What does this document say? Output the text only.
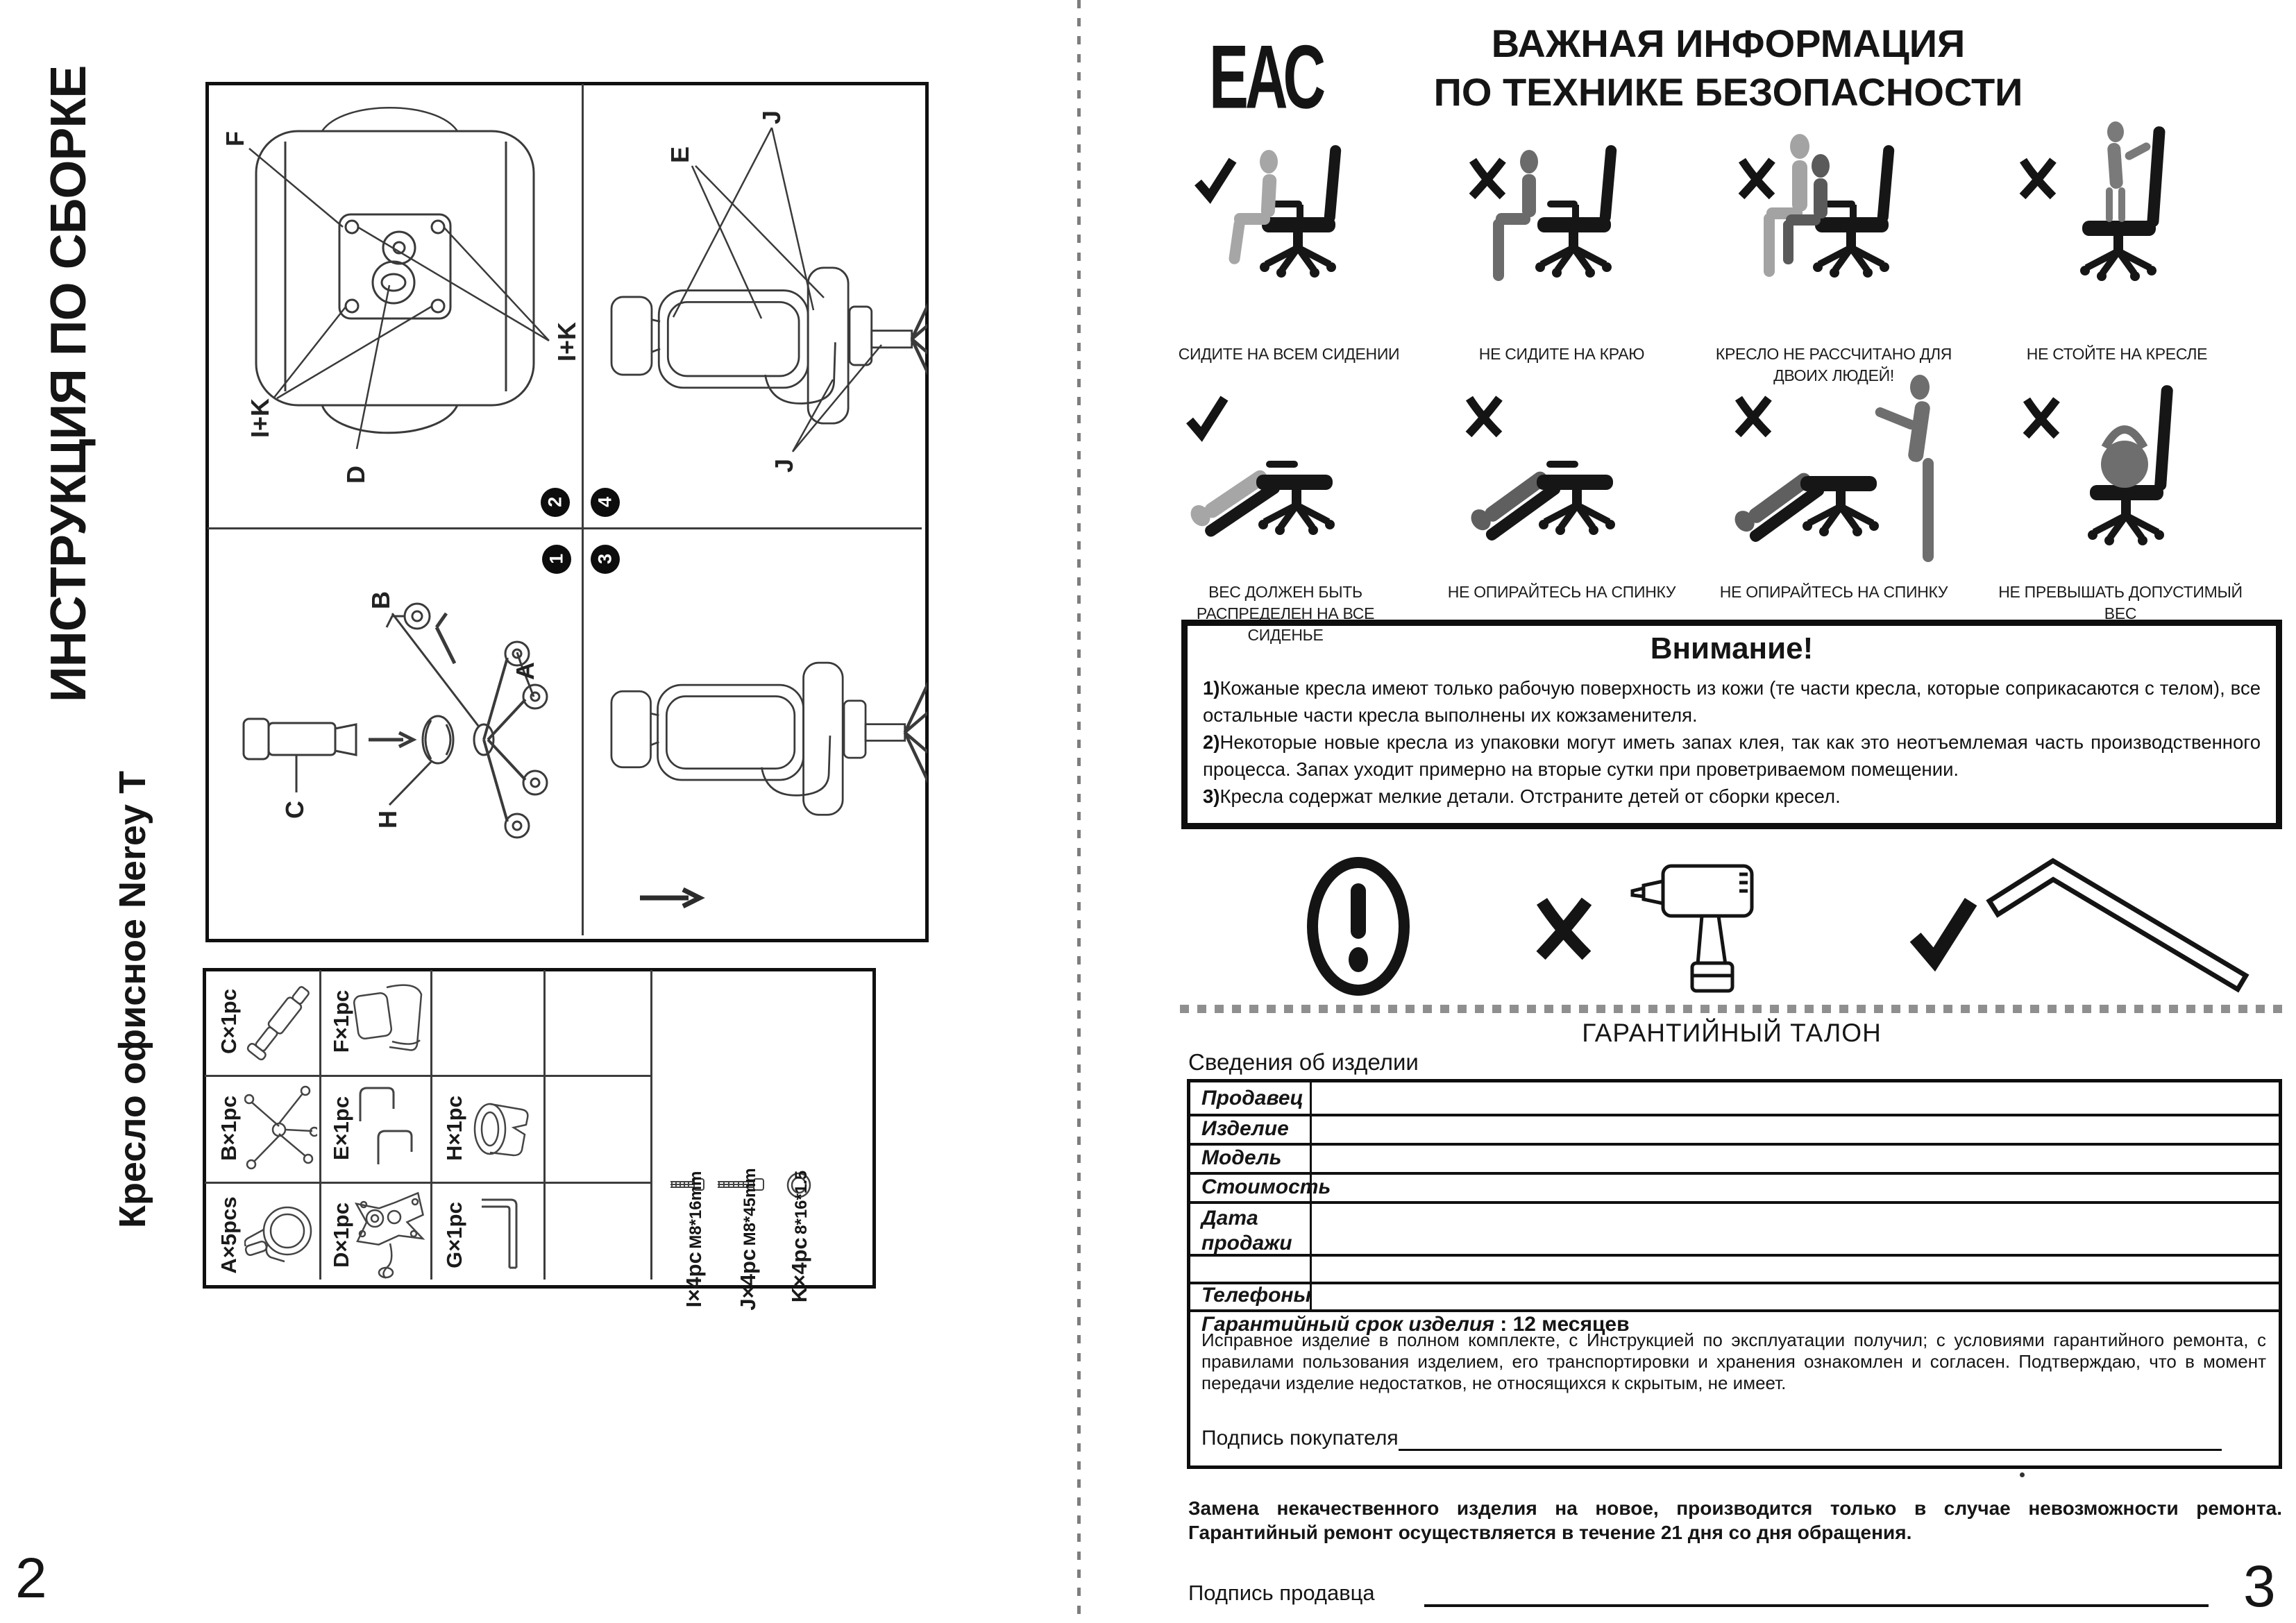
ИНСТРУКЦИЯ ПО СБОРКЕ
Кресло офисное Nerey T
2
2 4
1 3
F
I+K
D
I+K
E
J
J
C
H
B
A
C×1pc	F×1pc
B×1pc	E×1pc	H×1pc
A×5pcs	D×1pc	G×1pc
I×4pc M8*16mm
J×4pc M8*45mm
K×4pc 8*16*1.5
ЕАС	ВАЖНАЯ ИНФОРМАЦИЯ
ПО ТЕХНИКЕ БЕЗОПАСНОСТИ
СИДИТЕ НА ВСЕМ СИДЕНИИ	НЕ СИДИТЕ НА КРАЮ	КРЕСЛО НЕ РАССЧИТАНО ДЛЯ ДВОИХ ЛЮДЕЙ!
НЕ СТОЙТЕ НА КРЕСЛЕ
ВЕС ДОЛЖЕН БЫТЬ РАСПРЕДЕЛЕН НА ВСЕ СИДЕНЬЕ
НЕ ОПИРАЙТЕСЬ НА СПИНКУ	НЕ ОПИРАЙТЕСЬ НА СПИНКУ	НЕ ПРЕВЫШАТЬ ДОПУСТИМЫЙ ВЕС
Внимание!
1)Кожаные кресла имеют только рабочую поверхность из кожи (те части кресла, которые соприкасаются с телом), все остальные части кресла выполнены их кожзаменителя.
2)Некоторые новые кресла из упаковки могут иметь запах клея, так как это неотъемлемая часть производственного процесса. Запах уходит примерно на вторые сутки при проветриваемом помещении.
3)Кресла содержат мелкие детали. Отстраните детей от сборки кресел.
ГАРАНТИЙНЫЙ ТАЛОН
Сведения об изделии
Продавец
Изделие
Модель
Стоимость
Дата продажи
Телефоны
Гарантийный срок изделия : 12 месяцев
Исправное изделие в полном комплекте, с Инструкцией по эксплуатации получил; с условиями гарантийного ремонта, с правилами пользования изделием, его транспортировки и хранения ознакомлен и согласен. Подтверждаю, что в момент передачи изделие недостатков, не относящихся к скрытым, не имеет.
Подпись покупателя
Замена некачественного изделия на новое, производится только в случае невозможности ремонта. Гарантийный ремонт осуществляется в течение 21 дня со дня обращения.
Подпись продавца	3
